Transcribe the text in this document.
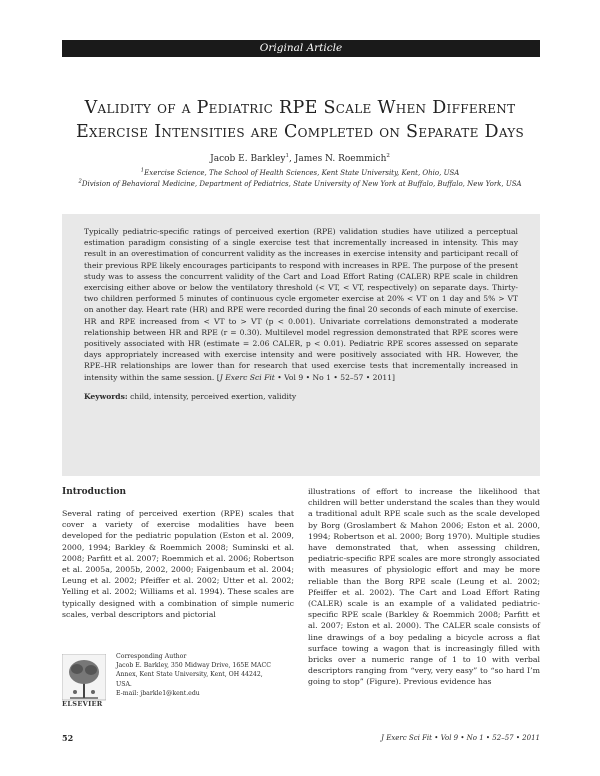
Original Article
Validity of a Pediatric RPE Scale When Different
Exercise Intensities are Completed on Separate Days
Jacob E. Barkley$^1$, James N. Roemmich$^2$
$^1$Exercise Science, The School of Health Sciences, Kent State University, Kent, Ohio, USA
$^2$Division of Behavioral Medicine, Department of Pediatrics, State University of New York at Buffalo, Buffalo, New York, USA
Typically pediatric-specific ratings of perceived exertion (RPE) validation studies have utilized a perceptual estimation paradigm consisting of a single exercise test that incrementally increased in intensity. This may result in an overestimation of concurrent validity as the increases in exercise intensity and participant recall of their previous RPE likely encourages participants to respond with increases in RPE. The purpose of the present study was to assess the concurrent validity of the Cart and Load Effort Rating (CALER) RPE scale in children exercising either above or below the ventilatory threshold (< VT, < VT, respectively) on separate days. Thirty-two children performed 5 minutes of continuous cycle ergometer exercise at 20% < VT on 1 day and 5% > VT on another day. Heart rate (HR) and RPE were recorded during the final 20 seconds of each minute of exercise. HR and RPE increased from < VT to > VT (p < 0.001). Univariate correlations demonstrated a moderate relationship between HR and RPE (r = 0.30). Multilevel model regression demonstrated that RPE scores were positively associated with HR (estimate = 2.06 CALER, p < 0.01). Pediatric RPE scores assessed on separate days appropriately increased with exercise intensity and were positively associated with HR. However, the RPE–HR relationships are lower than for research that used exercise tests that incrementally increased in intensity within the same session. [J Exerc Sci Fit • Vol 9 • No 1 • 52–57 • 2011]
Keywords: child, intensity, perceived exertion, validity
Introduction
Several rating of perceived exertion (RPE) scales that cover a variety of exercise modalities have been developed for the pediatric population (Eston et al. 2009, 2000, 1994; Barkley & Roemmich 2008; Suminski et al. 2008; Parfitt et al. 2007; Roemmich et al. 2006; Robertson et al. 2005a, 2005b, 2002, 2000; Faigenbaum et al. 2004; Leung et al. 2002; Pfeiffer et al. 2002; Utter et al. 2002; Yelling et al. 2002; Williams et al. 1994). These scales are typically designed with a combination of simple numeric scales, verbal descriptors and pictorial
illustrations of effort to increase the likelihood that children will better understand the scales than they would a traditional adult RPE scale such as the scale developed by Borg (Groslambert & Mahon 2006; Eston et al. 2000, 1994; Robertson et al. 2000; Borg 1970). Multiple studies have demonstrated that, when assessing children, pediatric-specific RPE scales are more strongly associated with measures of physiologic effort and may be more reliable than the Borg RPE scale (Leung et al. 2002; Pfeiffer et al. 2002). The Cart and Load Effort Rating (CALER) scale is an example of a validated pediatric-specific RPE scale (Barkley & Roemmich 2008; Parfitt et al. 2007; Eston et al. 2000). The CALER scale consists of line drawings of a boy pedaling a bicycle across a flat surface towing a wagon that is increasingly filled with bricks over a numeric range of 1 to 10 with verbal descriptors ranging from “very, very easy” to “so hard I’m going to stop” (Figure). Previous evidence has
ELSEVIER
Corresponding Author
Jacob E. Barkley, 350 Midway Drive, 165E MACC
Annex, Kent State University, Kent, OH 44242,
USA.
E-mail: jbarkle1@kent.edu
52	J Exerc Sci Fit • Vol 9 • No 1 • 52–57 • 2011
